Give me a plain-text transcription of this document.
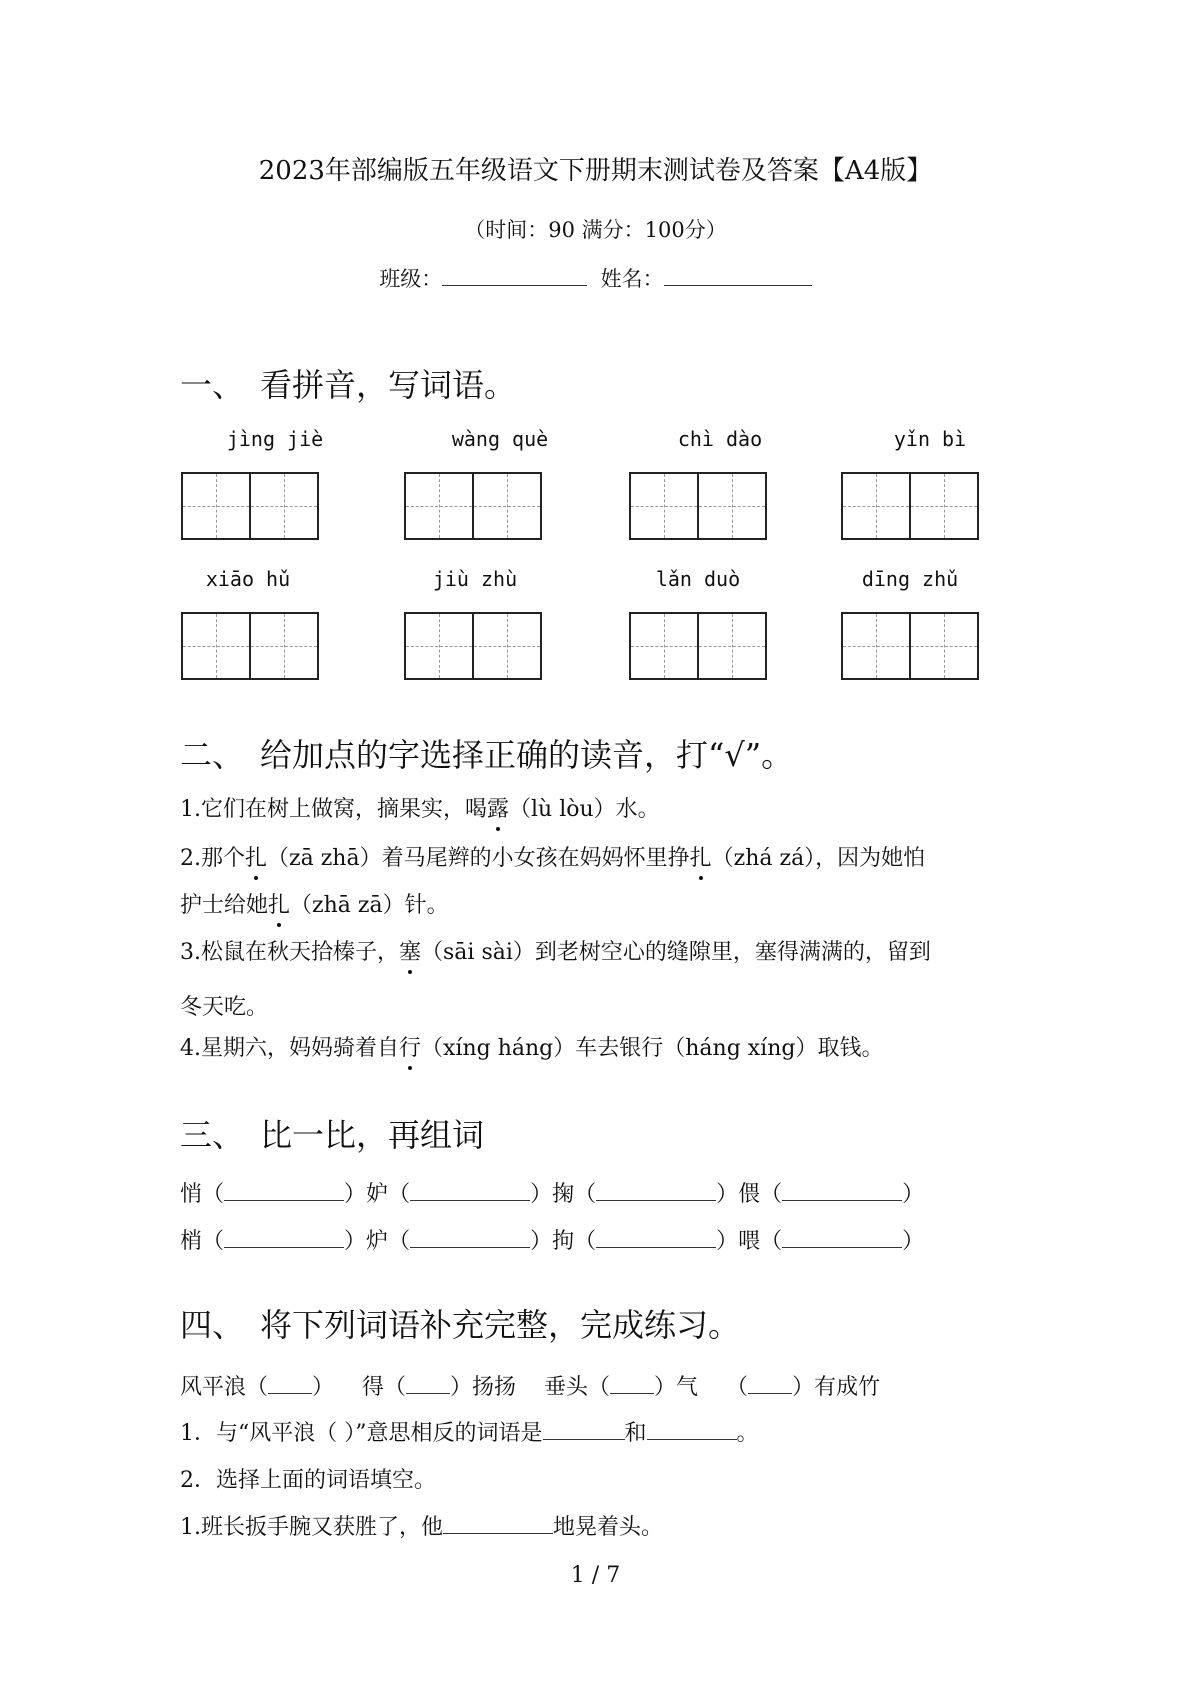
2023年部编版五年级语文下册期末测试卷及答案【A4版】
（时间：90 满分：100分）
班级：	姓名：
一、 看拼音，写词语。
jìng jiè	wàng què	chì dào	yǐn bì
xiāo hǔ	jiù zhù	lǎn duò	dīng zhǔ
二、 给加点的字选择正确的读音，打“√”。
1.它们在树上做窝，摘果实，喝露（lù lòu）水。
2.那个扎（zā zhā）着马尾辫的小女孩在妈妈怀里挣扎（zhá zá），因为她怕
护士给她扎（zhā zā）针。
3.松鼠在秋天拾榛子，塞（sāi sài）到老树空心的缝隙里，塞得满满的，留到
冬天吃。
4.星期六，妈妈骑着自行（xíng háng）车去银行（háng xíng）取钱。
三、 比一比，再组词
悄（	）妒（	）掬（	）偎（	）
梢（	）炉（	）拘（	）喂（	）
四、 将下列词语补充完整，完成练习。
风平浪（ ） 得（ ）扬扬 垂头（ ）气 （ ）有成竹
1．与“风平浪（ ）”意思相反的词语是	和	。
2．选择上面的词语填空。
1.班长扳手腕又获胜了，他	地晃着头。
1 / 7
